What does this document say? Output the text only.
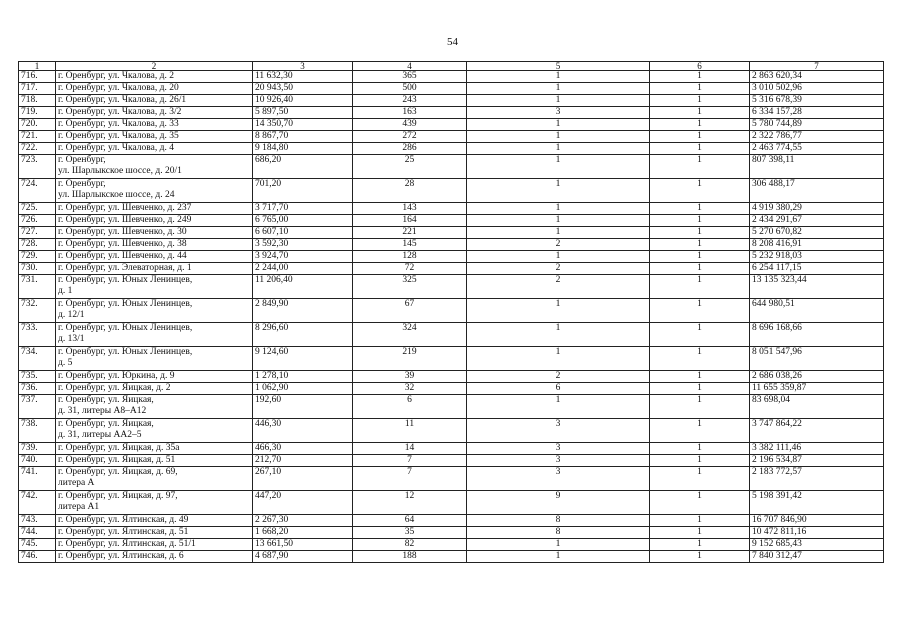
54
1	2	3	4	5	6	7
716.	г. Оренбург, ул. Чкалова, д. 2	11 632,30	365	1	1	2 863 620,34
717.	г. Оренбург, ул. Чкалова, д. 20	20 943,50	500	1	1	3 010 502,96
718.	г. Оренбург, ул. Чкалова, д. 26/1	10 926,40	243	1	1	5 316 678,39
719.	г. Оренбург, ул. Чкалова, д. 3/2	5 897,50	163	3	1	6 334 157,28
720.	г. Оренбург, ул. Чкалова, д. 33	14 350,70	439	1	1	5 780 744,89
721.	г. Оренбург, ул. Чкалова, д. 35	8 867,70	272	1	1	2 322 786,77
722.	г. Оренбург, ул. Чкалова, д. 4	9 184,80	286	1	1	2 463 774,55
723.	г. Оренбург,
ул. Шарлыкское шоссе, д. 20/1	686,20	25	1	1	807 398,11
724.	г. Оренбург,
ул. Шарлыкское шоссе, д. 24	701,20	28	1	1	306 488,17
725.	г. Оренбург, ул. Шевченко, д. 237	3 717,70	143	1	1	4 919 380,29
726.	г. Оренбург, ул. Шевченко, д. 249	6 765,00	164	1	1	2 434 291,67
727.	г. Оренбург, ул. Шевченко, д. 30	6 607,10	221	1	1	5 270 670,82
728.	г. Оренбург, ул. Шевченко, д. 38	3 592,30	145	2	1	8 208 416,91
729.	г. Оренбург, ул. Шевченко, д. 44	3 924,70	128	1	1	5 232 918,03
730.	г. Оренбург, ул. Элеваторная, д. 1	2 244,00	72	2	1	6 254 117,15
731.	г. Оренбург, ул. Юных Ленинцев,
д. 1	11 206,40	325	2	1	13 135 323,44
732.	г. Оренбург, ул. Юных Ленинцев,
д. 12/1	2 849,90	67	1	1	644 980,51
733.	г. Оренбург, ул. Юных Ленинцев,
д. 13/1	8 296,60	324	1	1	8 696 168,66
734.	г. Оренбург, ул. Юных Ленинцев,
д. 5	9 124,60	219	1	1	8 051 547,96
735.	г. Оренбург, ул. Юркина, д. 9	1 278,10	39	2	1	2 686 038,26
736.	г. Оренбург, ул. Яицкая, д. 2	1 062,90	32	6	1	11 655 359,87
737.	г. Оренбург, ул. Яицкая,
д. 31, литеры А8–А12	192,60	6	1	1	83 698,04
738.	г. Оренбург, ул. Яицкая,
д. 31, литеры АА2–5	446,30	11	3	1	3 747 864,22
739.	г. Оренбург, ул. Яицкая, д. 35а	466,30	14	3	1	3 382 111,46
740.	г. Оренбург, ул. Яицкая, д. 51	212,70	7	3	1	2 196 534,87
741.	г. Оренбург, ул. Яицкая, д. 69,
литера А	267,10	7	3	1	2 183 772,57
742.	г. Оренбург, ул. Яицкая, д. 97,
литера А1	447,20	12	9	1	5 198 391,42
743.	г. Оренбург, ул. Ялтинская, д. 49	2 267,30	64	8	1	16 707 846,90
744.	г. Оренбург, ул. Ялтинская, д. 51	1 668,20	35	8	1	10 472 811,16
745.	г. Оренбург, ул. Ялтинская, д. 51/1	13 661,50	82	1	1	9 152 685,43
746.	г. Оренбург, ул. Ялтинская, д. 6	4 687,90	188	1	1	7 840 312,47
